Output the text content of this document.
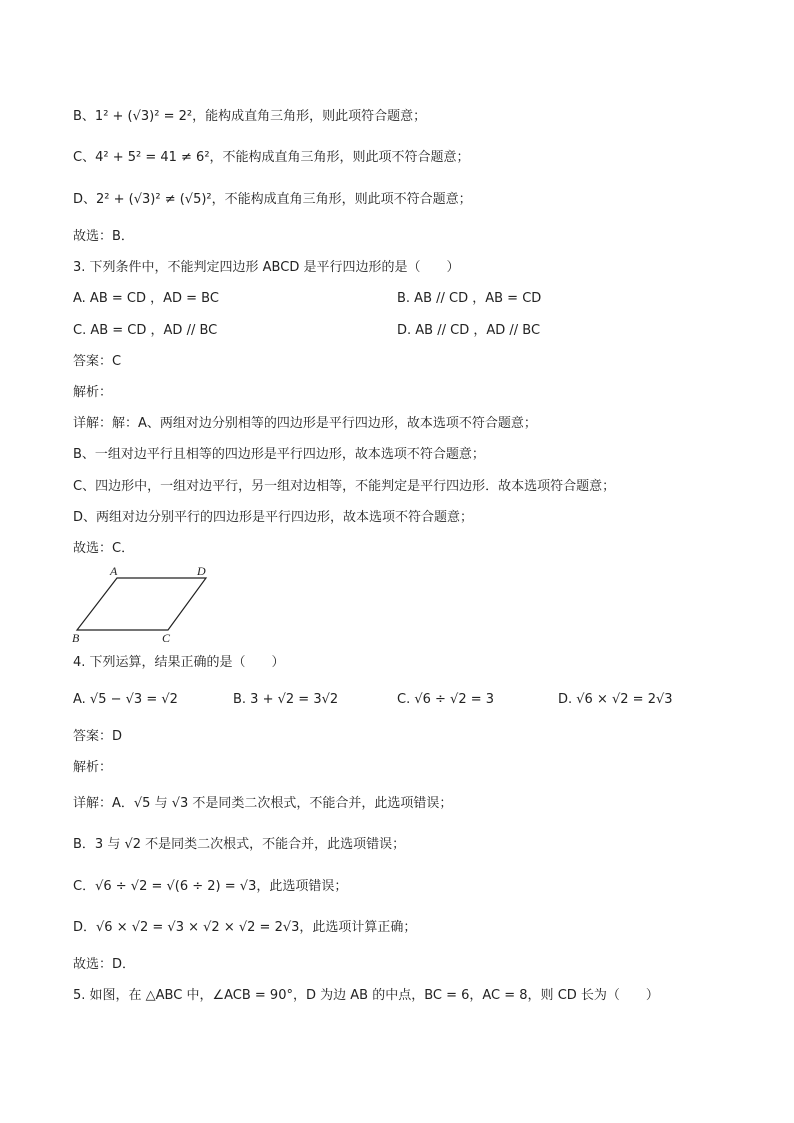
B、1² + (√3)² = 2²，能构成直角三角形，则此项符合题意；
C、4² + 5² = 41 ≠ 6²，不能构成直角三角形，则此项不符合题意；
D、2² + (√3)² ≠ (√5)²，不能构成直角三角形，则此项不符合题意；
故选：B．
3. 下列条件中，不能判定四边形 ABCD 是平行四边形的是（　　）
A. AB = CD ，AD = BC	B. AB // CD ，AB = CD
C. AB = CD ，AD // BC	D. AB // CD ，AD // BC
答案：C
解析：
详解：解：A、两组对边分别相等的四边形是平行四边形，故本选项不符合题意；
B、一组对边平行且相等的四边形是平行四边形，故本选项不符合题意；
C、四边形中，一组对边平行，另一组对边相等，不能判定是平行四边形．故本选项符合题意；
D、两组对边分别平行的四边形是平行四边形，故本选项不符合题意；
故选：C．
A	D
B	C
4. 下列运算，结果正确的是（　　）
A. √5 − √3 = √2	B. 3 + √2 = 3√2	C. √6 ÷ √2 = 3	D. √6 × √2 = 2√3
答案：D
解析：
详解：A．√5 与 √3 不是同类二次根式，不能合并，此选项错误；
B．3 与 √2 不是同类二次根式，不能合并，此选项错误；
C．√6 ÷ √2 = √(6 ÷ 2) = √3，此选项错误；
D．√6 × √2 = √3 × √2 × √2 = 2√3，此选项计算正确；
故选：D．
5. 如图，在 △ABC 中，∠ACB = 90°，D 为边 AB 的中点，BC = 6，AC = 8，则 CD 长为（　　）
